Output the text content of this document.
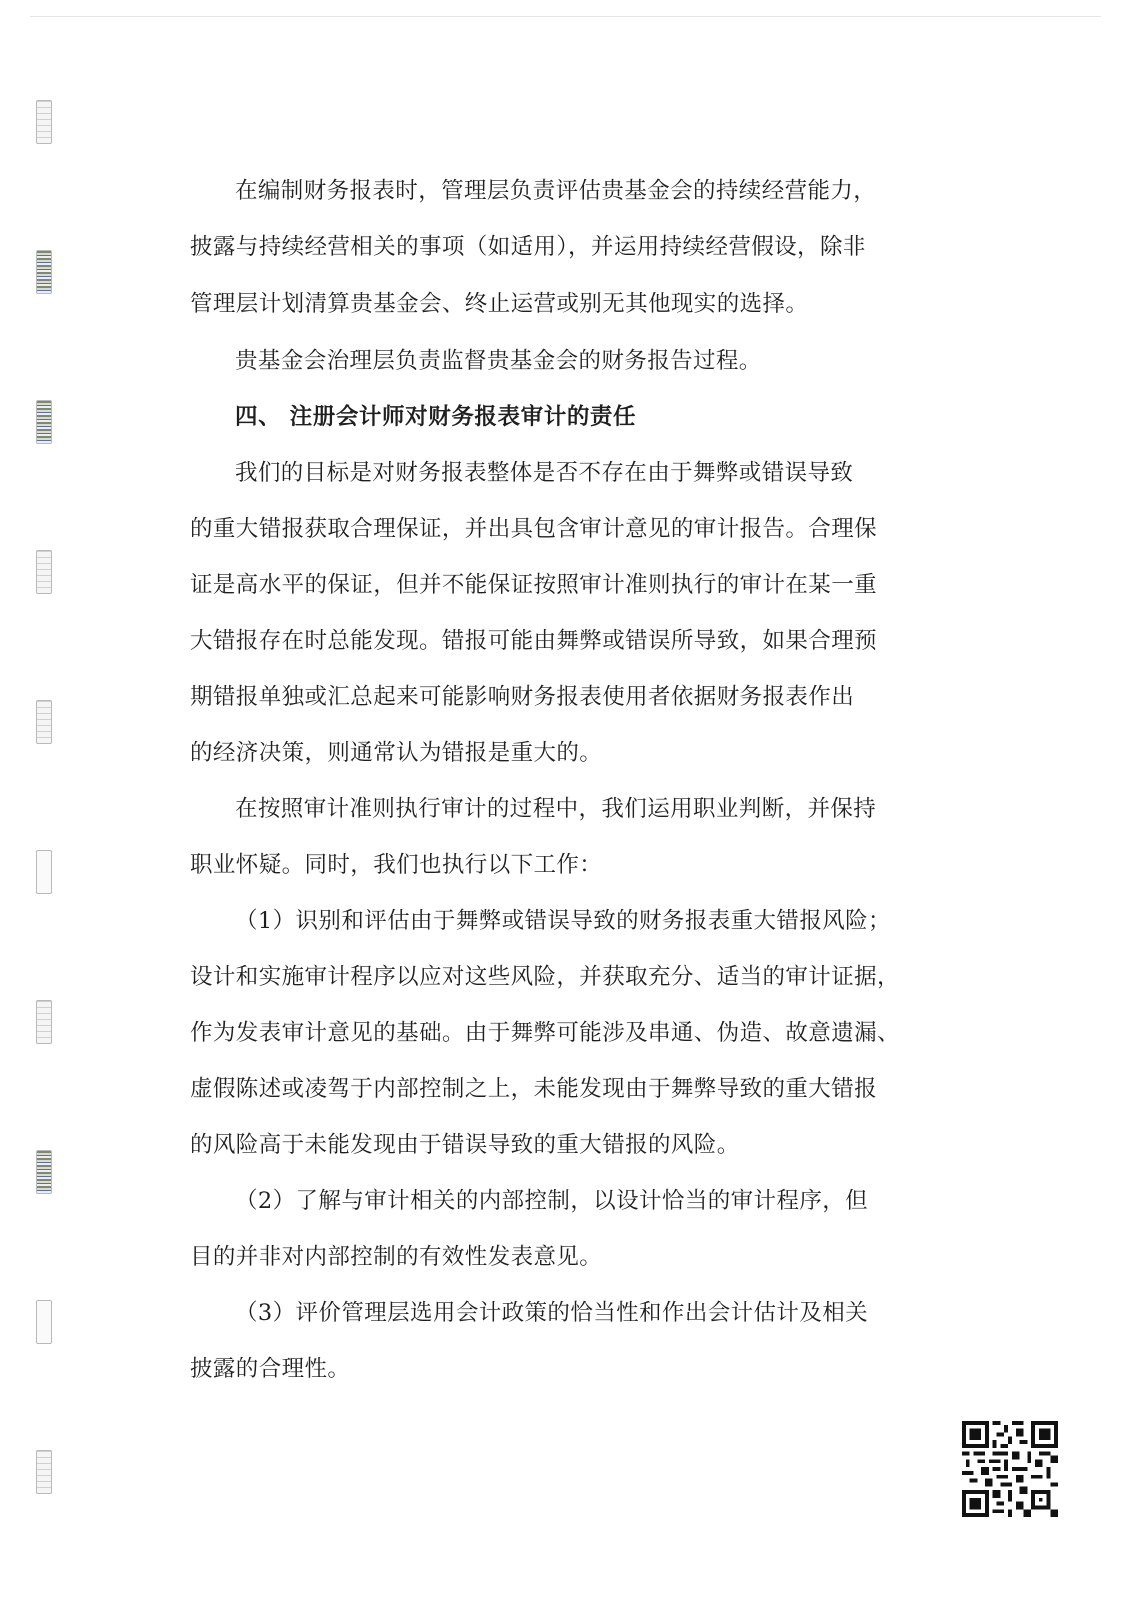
在编制财务报表时，管理层负责评估贵基金会的持续经营能力，
披露与持续经营相关的事项（如适用），并运用持续经营假设，除非
管理层计划清算贵基金会、终止运营或别无其他现实的选择。
贵基金会治理层负责监督贵基金会的财务报告过程。
四、 注册会计师对财务报表审计的责任
我们的目标是对财务报表整体是否不存在由于舞弊或错误导致
的重大错报获取合理保证，并出具包含审计意见的审计报告。合理保
证是高水平的保证，但并不能保证按照审计准则执行的审计在某一重
大错报存在时总能发现。错报可能由舞弊或错误所导致，如果合理预
期错报单独或汇总起来可能影响财务报表使用者依据财务报表作出
的经济决策，则通常认为错报是重大的。
在按照审计准则执行审计的过程中，我们运用职业判断，并保持
职业怀疑。同时，我们也执行以下工作：
（1）识别和评估由于舞弊或错误导致的财务报表重大错报风险；
设计和实施审计程序以应对这些风险，并获取充分、适当的审计证据，
作为发表审计意见的基础。由于舞弊可能涉及串通、伪造、故意遗漏、
虚假陈述或凌驾于内部控制之上，未能发现由于舞弊导致的重大错报
的风险高于未能发现由于错误导致的重大错报的风险。
（2）了解与审计相关的内部控制，以设计恰当的审计程序，但
目的并非对内部控制的有效性发表意见。
（3）评价管理层选用会计政策的恰当性和作出会计估计及相关
披露的合理性。
